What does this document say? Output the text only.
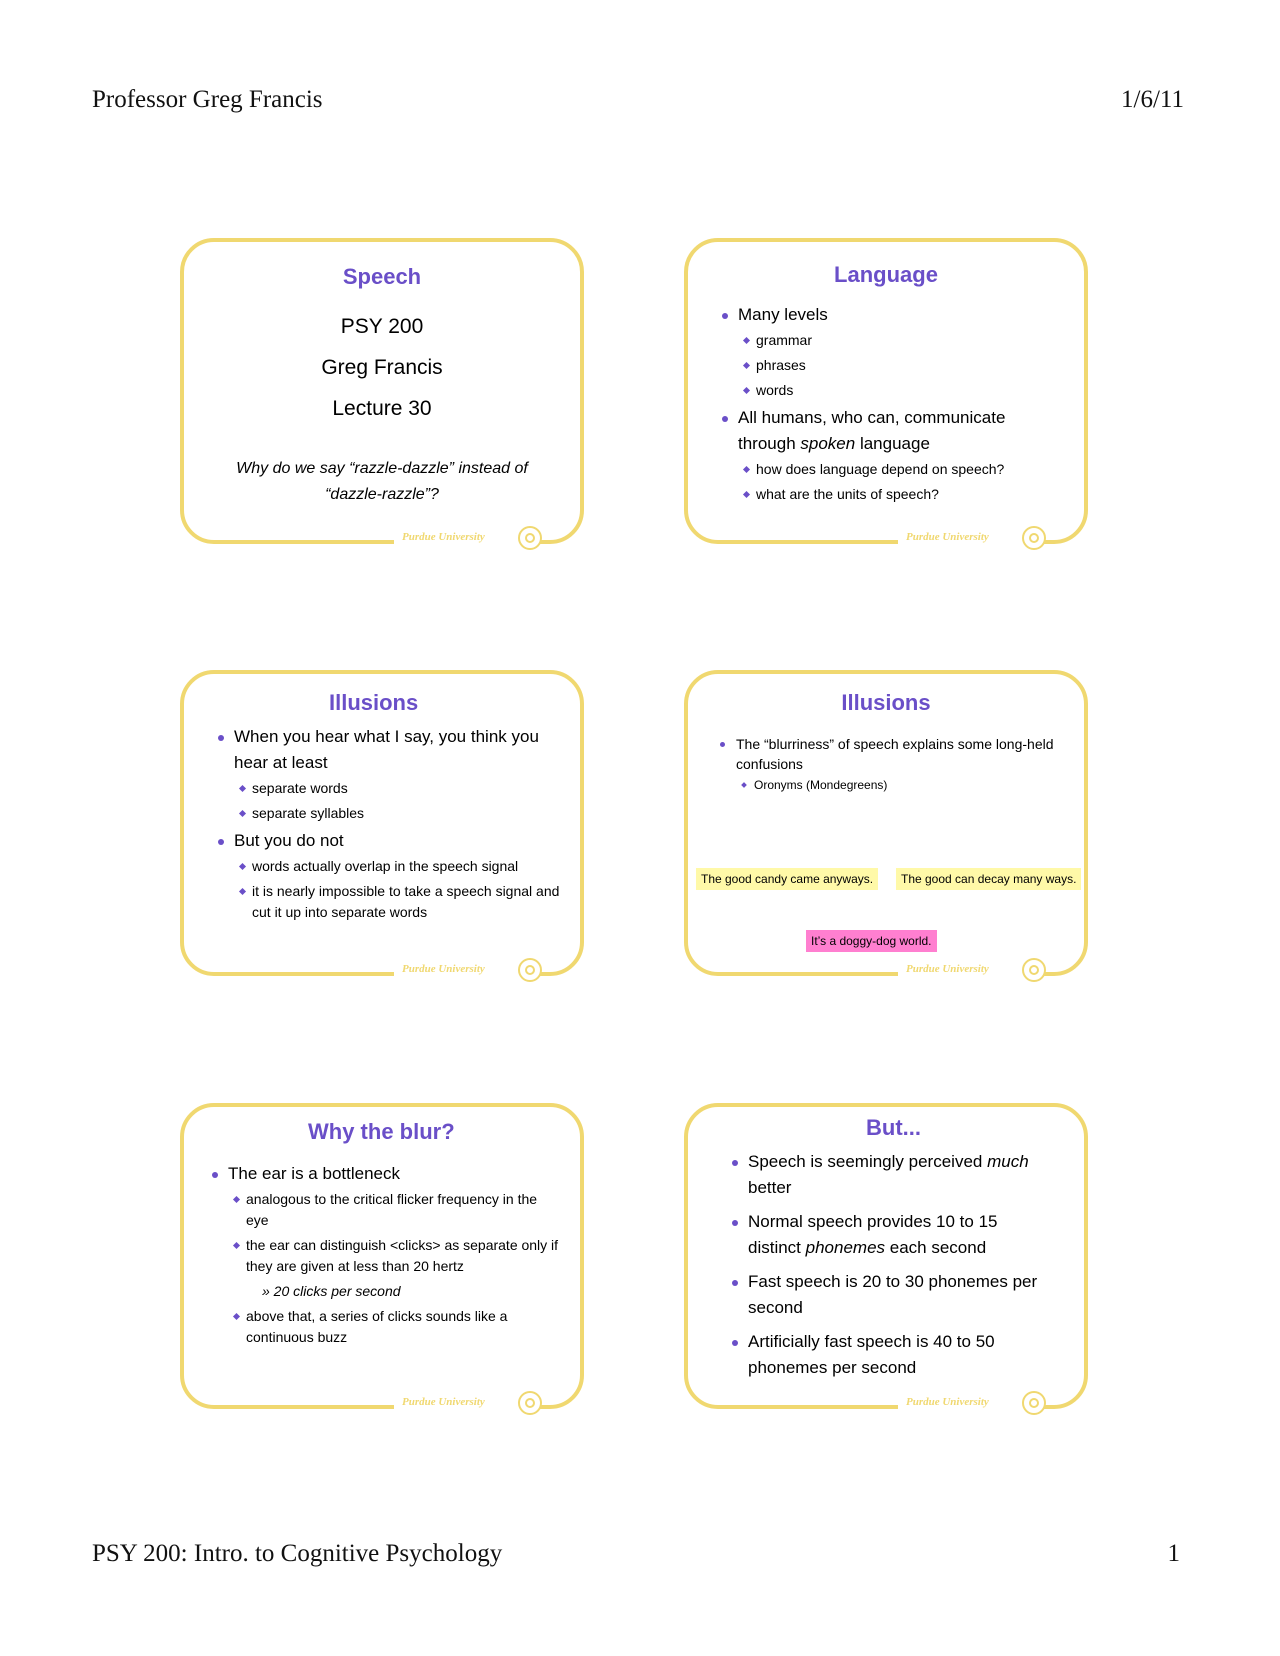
Professor Greg Francis	1/6/11
PSY 200: Intro. to Cognitive Psychology	1
Speech
PSY 200
Greg Francis
Lecture 30
Why do we say “razzle-dazzle” instead of “dazzle-razzle”?
Purdue University
Language
Many levels
grammar
phrases
words
All humans, who can, communicate through spoken language
how does language depend on speech?
what are the units of speech?
Purdue University
Illusions
When you hear what I say, you think you hear at least
separate words
separate syllables
But you do not
words actually overlap in the speech signal
it is nearly impossible to take a speech signal and cut it up into separate words
Purdue University
Illusions
The “blurriness” of speech explains some long-held confusions
Oronyms (Mondegreens)
The good candy came anyways.	The good can decay many ways.
It’s a doggy-dog world.
Purdue University
Why the blur?
The ear is a bottleneck
analogous to the critical flicker frequency in the eye
the ear can distinguish <clicks> as separate only if they are given at less than 20 hertz
» 20 clicks per second
above that, a series of clicks sounds like a continuous buzz
Purdue University
But...
Speech is seemingly perceived much better
Normal speech provides 10 to 15 distinct phonemes each second
Fast speech is 20 to 30 phonemes per second
Artificially fast speech is 40 to 50 phonemes per second
Purdue University
